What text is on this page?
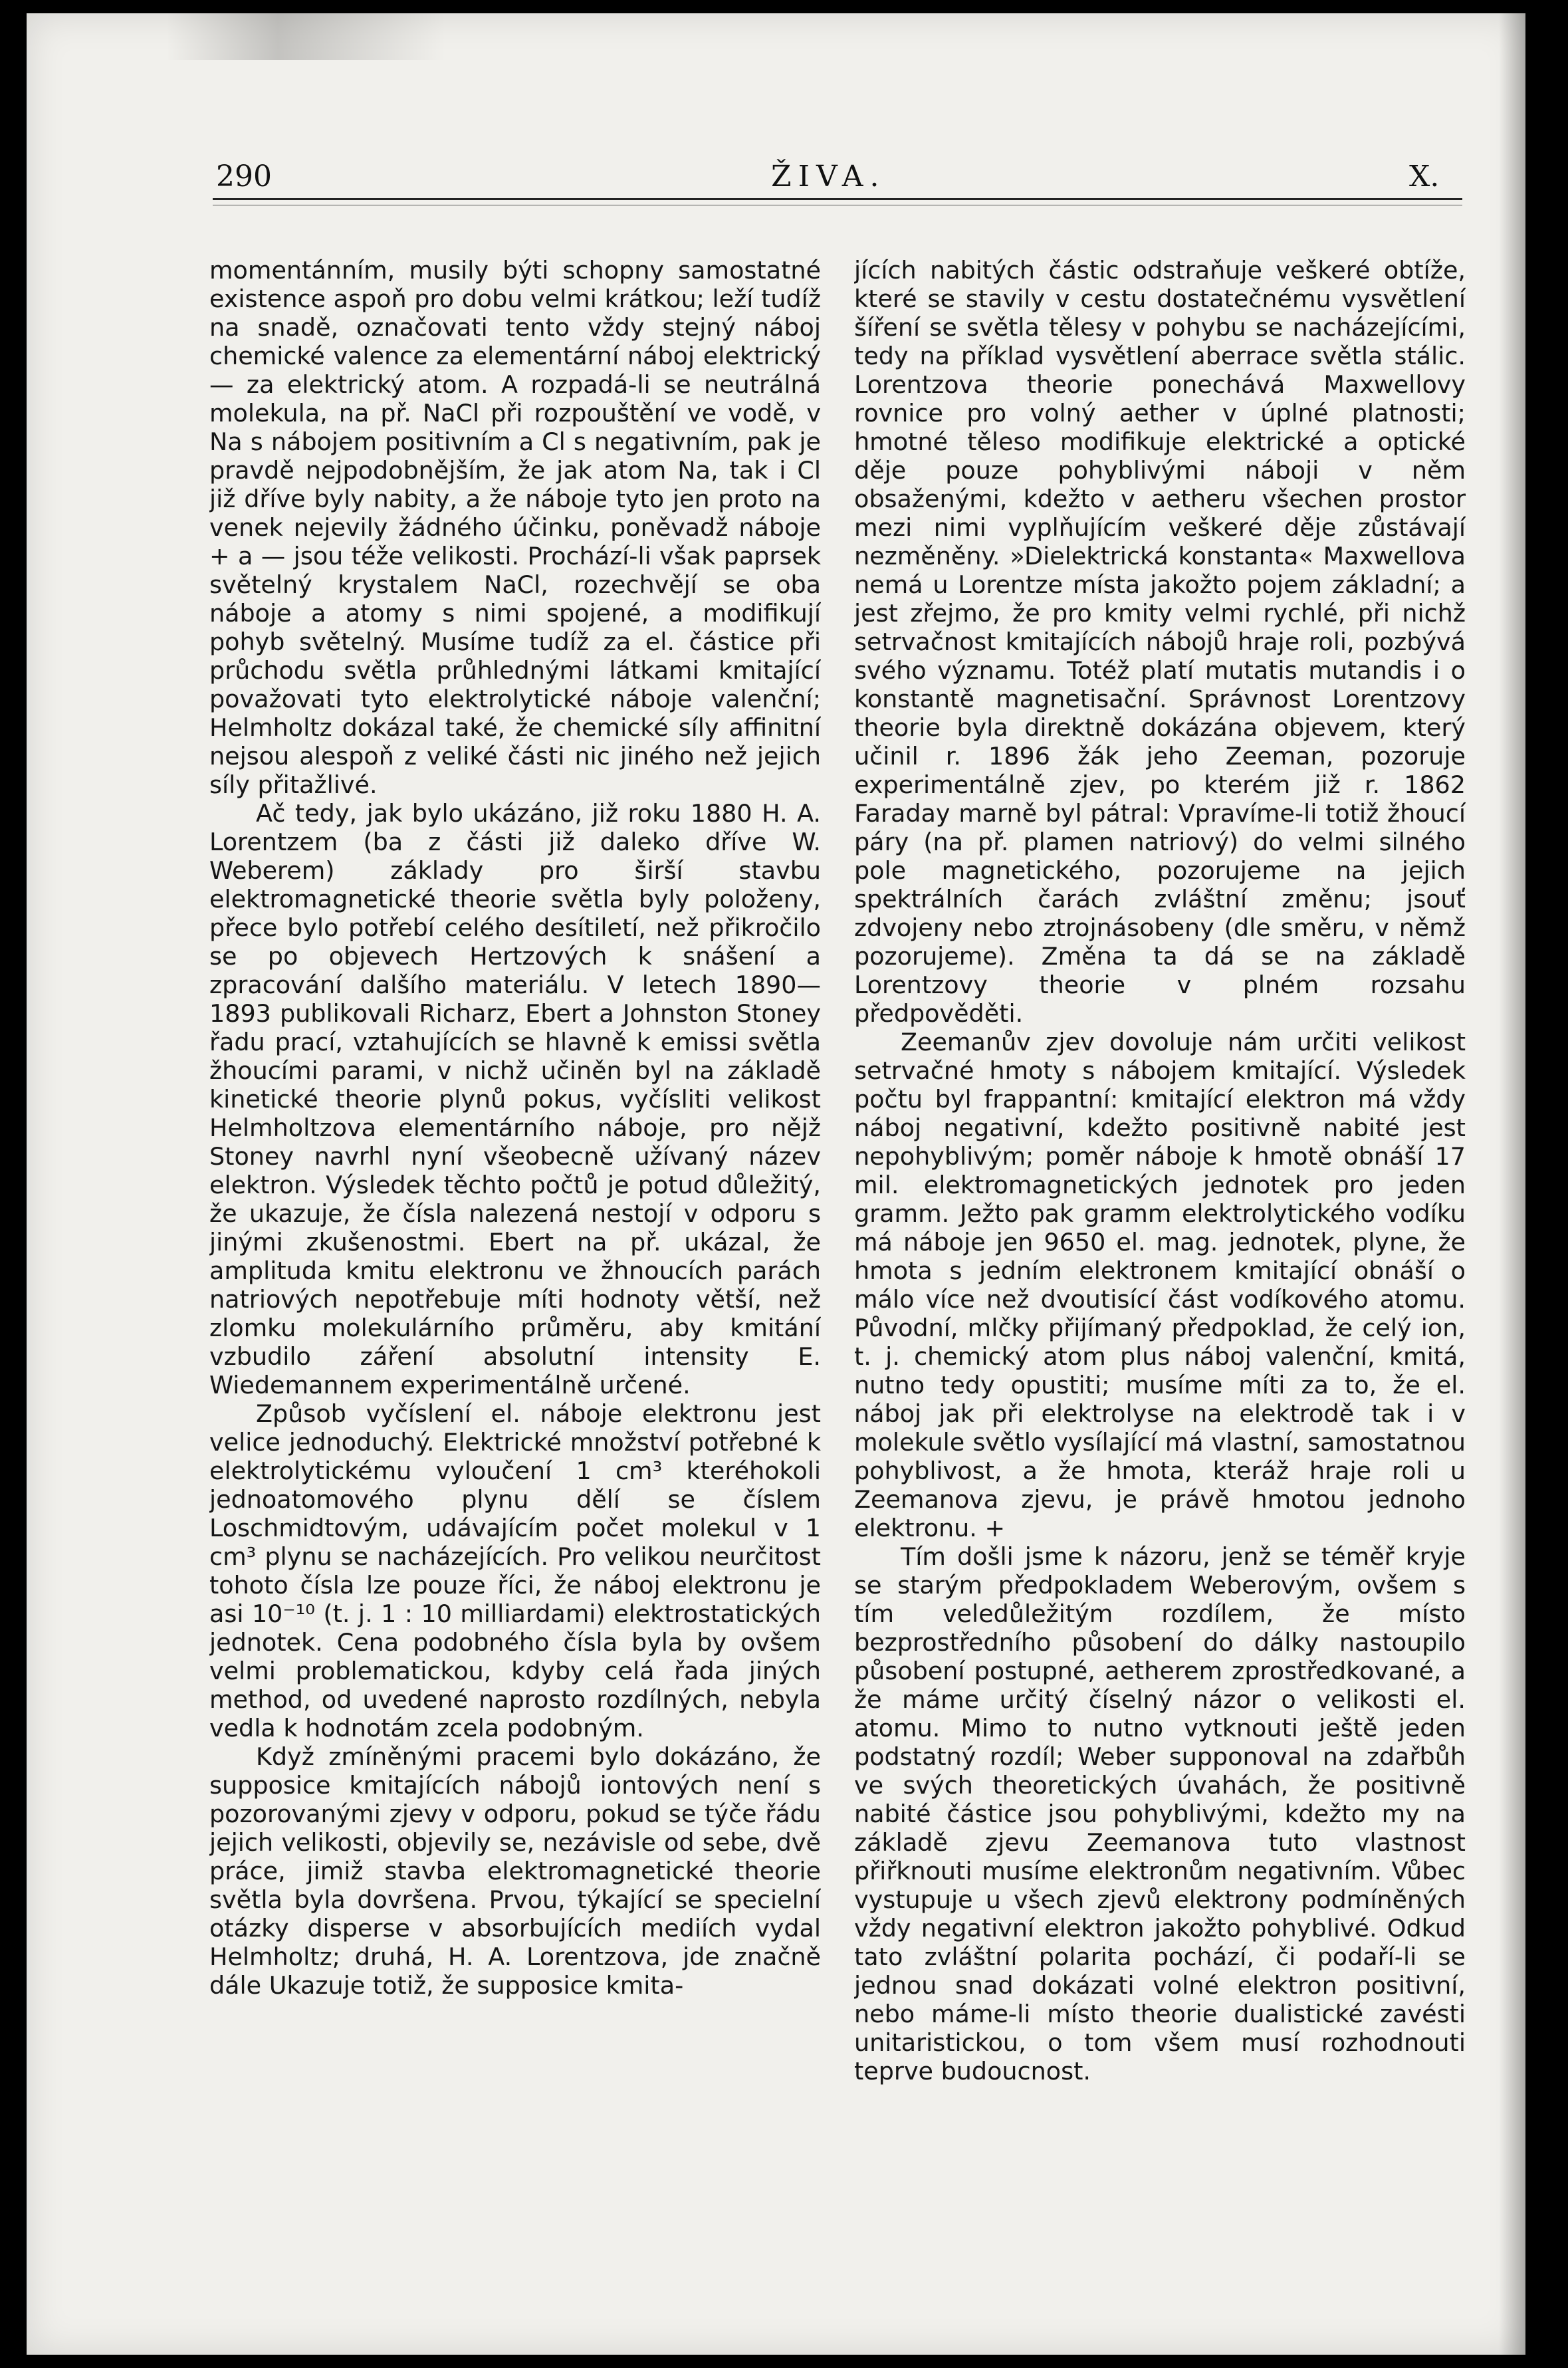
290	ŽIVA.	X.

momentánním, musily býti schopny samostatné existence aspoň pro dobu velmi krátkou; leží tudíž na snadě, označovati tento vždy stejný náboj chemické valence za elementární náboj elektrický — za elektrický atom. A rozpadá-li se neutrálná molekula, na př. NaCl při rozpouštění ve vodě, v Na s nábojem positivním a Cl s negativním, pak je pravdě nejpodobnějším, že jak atom Na, tak i Cl již dříve byly nabity, a že náboje tyto jen proto na venek nejevily žádného účinku, poněvadž náboje + a — jsou téže velikosti. Prochází-li však paprsek světelný krystalem NaCl, rozechvějí se oba náboje a atomy s nimi spojené, a modifikují pohyb světelný. Musíme tudíž za el. částice při průchodu světla průhlednými látkami kmitající považovati tyto elektrolytické náboje valenční; Helmholtz dokázal také, že chemické síly affinitní nejsou alespoň z veliké části nic jiného než jejich síly přitažlivé.

Ač tedy, jak bylo ukázáno, již roku 1880 H. A. Lorentzem (ba z části již daleko dříve W. Weberem) základy pro širší stavbu elektromagnetické theorie světla byly položeny, přece bylo potřebí celého desítiletí, než přikročilo se po objevech Hertzových k snášení a zpracování dalšího materiálu. V letech 1890—1893 publikovali Richarz, Ebert a Johnston Stoney řadu prací, vztahujících se hlavně k emissi světla žhoucími parami, v nichž učiněn byl na základě kinetické theorie plynů pokus, vyčísliti velikost Helmholtzova elementárního náboje, pro nějž Stoney navrhl nyní všeobecně užívaný název elektron. Výsledek těchto počtů je potud důležitý, že ukazuje, že čísla nalezená nestojí v odporu s jinými zkušenostmi. Ebert na př. ukázal, že amplituda kmitu elektronu ve žhnoucích parách natriových nepotřebuje míti hodnoty větší, než zlomku molekulárního průměru, aby kmitání vzbudilo záření absolutní intensity E. Wiedemannem experimentálně určené.

Způsob vyčíslení el. náboje elektronu jest velice jednoduchý. Elektrické množství potřebné k elektrolytickému vyloučení 1 cm³ kteréhokoli jednoatomového plynu dělí se číslem Loschmidtovým, udávajícím počet molekul v 1 cm³ plynu se nacházejících. Pro velikou neurčitost tohoto čísla lze pouze říci, že náboj elektronu je asi 10⁻¹⁰ (t. j. 1 : 10 milliardami) elektrostatických jednotek. Cena podobného čísla byla by ovšem velmi problematickou, kdyby celá řada jiných method, od uvedené naprosto rozdílných, nebyla vedla k hodnotám zcela podobným.

Když zmíněnými pracemi bylo dokázáno, že supposice kmitajících nábojů iontových není s pozorovanými zjevy v odporu, pokud se týče řádu jejich velikosti, objevily se, nezávisle od sebe, dvě práce, jimiž stavba elektromagnetické theorie světla byla dovršena. Prvou, týkající se specielní otázky disperse v absorbujících mediích vydal Helmholtz; druhá, H. A. Lorentzova, jde značně dále Ukazuje totiž, že supposice kmita-

jících nabitých částic odstraňuje veškeré obtíže, které se stavily v cestu dostatečnému vysvětlení šíření se světla tělesy v pohybu se nacházejícími, tedy na příklad vysvětlení aberrace světla stálic. Lorentzova theorie ponechává Maxwellovy rovnice pro volný aether v úplné platnosti; hmotné těleso modifikuje elektrické a optické děje pouze pohyblivými náboji v něm obsaženými, kdežto v aetheru všechen prostor mezi nimi vyplňujícím veškeré děje zůstávají nezměněny. »Dielektrická konstanta« Maxwellova nemá u Lorentze místa jakožto pojem základní; a jest zřejmo, že pro kmity velmi rychlé, při nichž setrvačnost kmitajících nábojů hraje roli, pozbývá svého významu. Totéž platí mutatis mutandis i o konstantě magnetisační. Správnost Lorentzovy theorie byla direktně dokázána objevem, který učinil r. 1896 žák jeho Zeeman, pozoruje experimentálně zjev, po kterém již r. 1862 Faraday marně byl pátral: Vpravíme-li totiž žhoucí páry (na př. plamen natriový) do velmi silného pole magnetického, pozorujeme na jejich spektrálních čarách zvláštní změnu; jsouť zdvojeny nebo ztrojnásobeny (dle směru, v němž pozorujeme). Změna ta dá se na základě Lorentzovy theorie v plném rozsahu předpověděti.

Zeemanův zjev dovoluje nám určiti velikost setrvačné hmoty s nábojem kmitající. Výsledek počtu byl frappantní: kmitající elektron má vždy náboj negativní, kdežto positivně nabité jest nepohyblivým; poměr náboje k hmotě obnáší 17 mil. elektromagnetických jednotek pro jeden gramm. Ježto pak gramm elektrolytického vodíku má náboje jen 9650 el. mag. jednotek, plyne, že hmota s jedním elektronem kmitající obnáší o málo více než dvoutisící část vodíkového atomu. Původní, mlčky přijímaný předpoklad, že celý ion, t. j. chemický atom plus náboj valenční, kmitá, nutno tedy opustiti; musíme míti za to, že el. náboj jak při elektrolyse na elektrodě tak i v molekule světlo vysílající má vlastní, samostatnou pohyblivost, a že hmota, kteráž hraje roli u Zeemanova zjevu, je právě hmotou jednoho elektronu. +

Tím došli jsme k názoru, jenž se téměř kryje se starým předpokladem Weberovým, ovšem s tím veledůležitým rozdílem, že místo bezprostředního působení do dálky nastoupilo působení postupné, aetherem zprostředkované, a že máme určitý číselný názor o velikosti el. atomu. Mimo to nutno vytknouti ještě jeden podstatný rozdíl; Weber supponoval na zdařbůh ve svých theoretických úvahách, že positivně nabité částice jsou pohyblivými, kdežto my na základě zjevu Zeemanova tuto vlastnost přiřknouti musíme elektronům negativním. Vůbec vystupuje u všech zjevů elektrony podmíněných vždy negativní elektron jakožto pohyblivé. Odkud tato zvláštní polarita pochází, či podaří-li se jednou snad dokázati volné elektron positivní, nebo máme-li místo theorie dualistické zavésti unitaristickou, o tom všem musí rozhodnouti teprve budoucnost.
